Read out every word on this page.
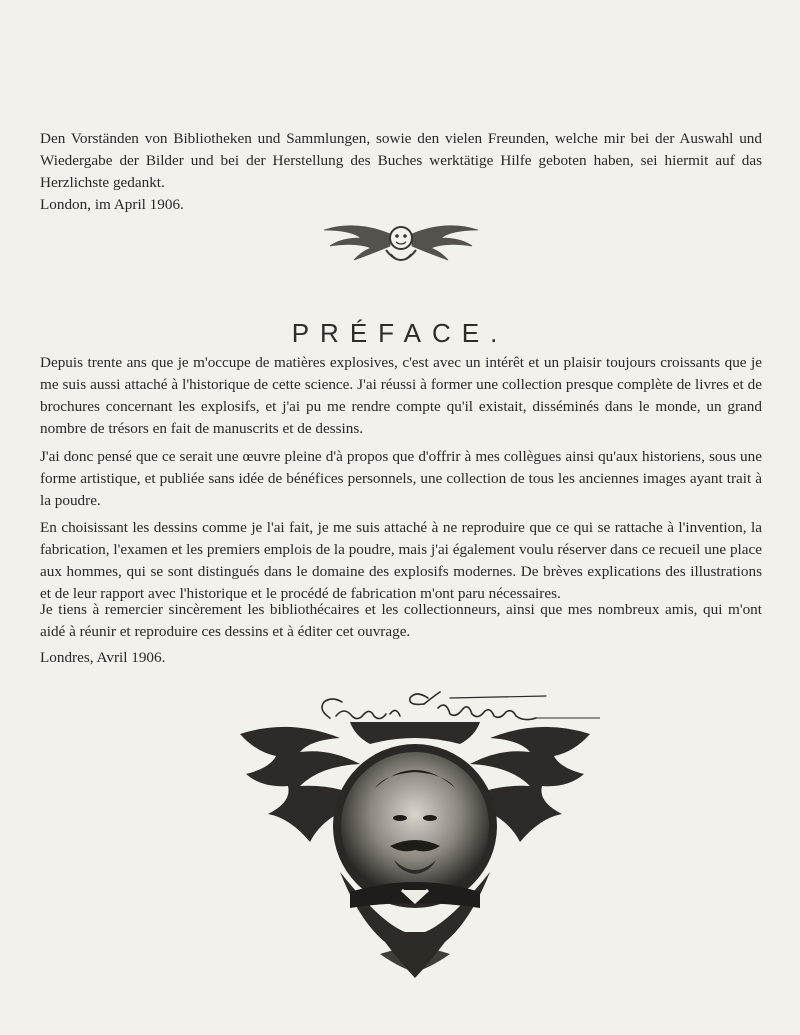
Den Vorständen von Bibliotheken und Sammlungen, sowie den vielen Freunden, welche mir bei der Auswahl und Wiedergabe der Bilder und bei der Herstellung des Buches werktätige Hilfe geboten haben, sei hiermit auf das Herzlichste gedankt.

London, im April 1906.

PRÉFACE.

Depuis trente ans que je m'occupe de matières explosives, c'est avec un intérêt et un plaisir toujours croissants que je me suis aussi attaché à l'historique de cette science. J'ai réussi à former une collection presque complète de livres et de brochures concernant les explosifs, et j'ai pu me rendre compte qu'il existait, disséminés dans le monde, un grand nombre de trésors en fait de manuscrits et de dessins.

J'ai donc pensé que ce serait une œuvre pleine d'à propos que d'offrir à mes collègues ainsi qu'aux historiens, sous une forme artistique, et publiée sans idée de bénéfices personnels, une collection de tous les anciennes images ayant trait à la poudre.

En choisissant les dessins comme je l'ai fait, je me suis attaché à ne reproduire que ce qui se rattache à l'invention, la fabrication, l'examen et les premiers emplois de la poudre, mais j'ai également voulu réserver dans ce recueil une place aux hommes, qui se sont distingués dans le domaine des explosifs modernes. De brèves explications des illustrations et de leur rapport avec l'historique et le procédé de fabrication m'ont paru nécessaires.

Je tiens à remercier sincèrement les bibliothécaires et les collectionneurs, ainsi que mes nombreux amis, qui m'ont aidé à réunir et reproduire ces dessins et à éditer cet ouvrage.

Londres, Avril 1906.
